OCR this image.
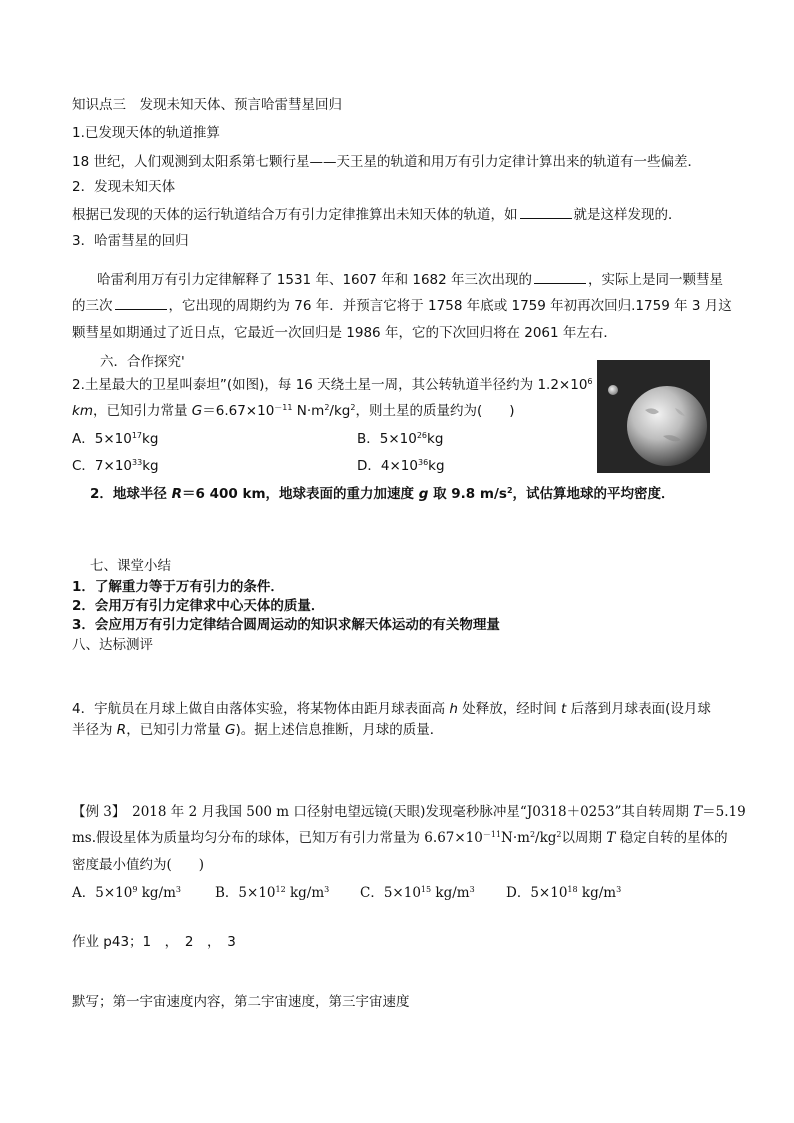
知识点三　发现未知天体、预言哈雷彗星回归
1.已发现天体的轨道推算
18 世纪，人们观测到太阳系第七颗行星——天王星的轨道和用万有引力定律计算出来的轨道有一些偏差．
2．发现未知天体
根据已发现的天体的运行轨道结合万有引力定律推算出未知天体的轨道，如	就是这样发现的．
3．哈雷彗星的回归
哈雷利用万有引力定律解释了 1531 年、1607 年和 1682 年三次出现的	，实际上是同一颗彗星
的三次	，它出现的周期约为 76 年．并预言它将于 1758 年底或 1759 年初再次回归.1759 年 3 月这
颗彗星如期通过了近日点，它最近一次回归是 1986 年，它的下次回归将在 2061 年左右．
六．合作探究'
2.土星最大的卫星叫泰坦”(如图)，每 16 天绕土星一周，其公转轨道半径约为 $1.2\times 10^6$
km，已知引力常量 $G=6.67\times 10^{-11}$ $N\cdot m^2/kg^2$，则土星的质量约为(　　)
A．$5\times 10^{17}kg$	B．$5\times 10^{26}kg$
C．$7\times 10^{33}kg$	D．$4\times 10^{36}kg$
2．地球半径 R＝6 400 km，地球表面的重力加速度 g 取 9.8 $m/s^2$，试估算地球的平均密度．
七、课堂小结
1．了解重力等于万有引力的条件．
2．会用万有引力定律求中心天体的质量．
3．会应用万有引力定律结合圆周运动的知识求解天体运动的有关物理量
八、达标测评
4．宇航员在月球上做自由落体实验，将某物体由距月球表面高 h 处释放，经时间 t 后落到月球表面(设月球
半径为 R，已知引力常量 G)。据上述信息推断，月球的质量．
【例 3】　2018 年 2 月我国 500 m 口径射电望远镜(天眼)发现毫秒脉冲星“J0318＋0253”其自转周期 T＝5.19
ms.假设星体为质量均匀分布的球体，已知万有引力常量为 $6.67\times 10^{-11}N\cdot m^2/kg^2$以周期 T 稳定自转的星体的
密度最小值约为(　　)
A．$5\times 10^9$ $kg/m^3$	B．$5\times 10^{12}$ $kg/m^3$ C．$5\times 10^{15}$ $kg/m^3$ D．$5\times 10^{18}$ $kg/m^3$
作业 p43；1　，　2　，　3
默写；第一宇宙速度内容，第二宇宙速度，第三宇宙速度
